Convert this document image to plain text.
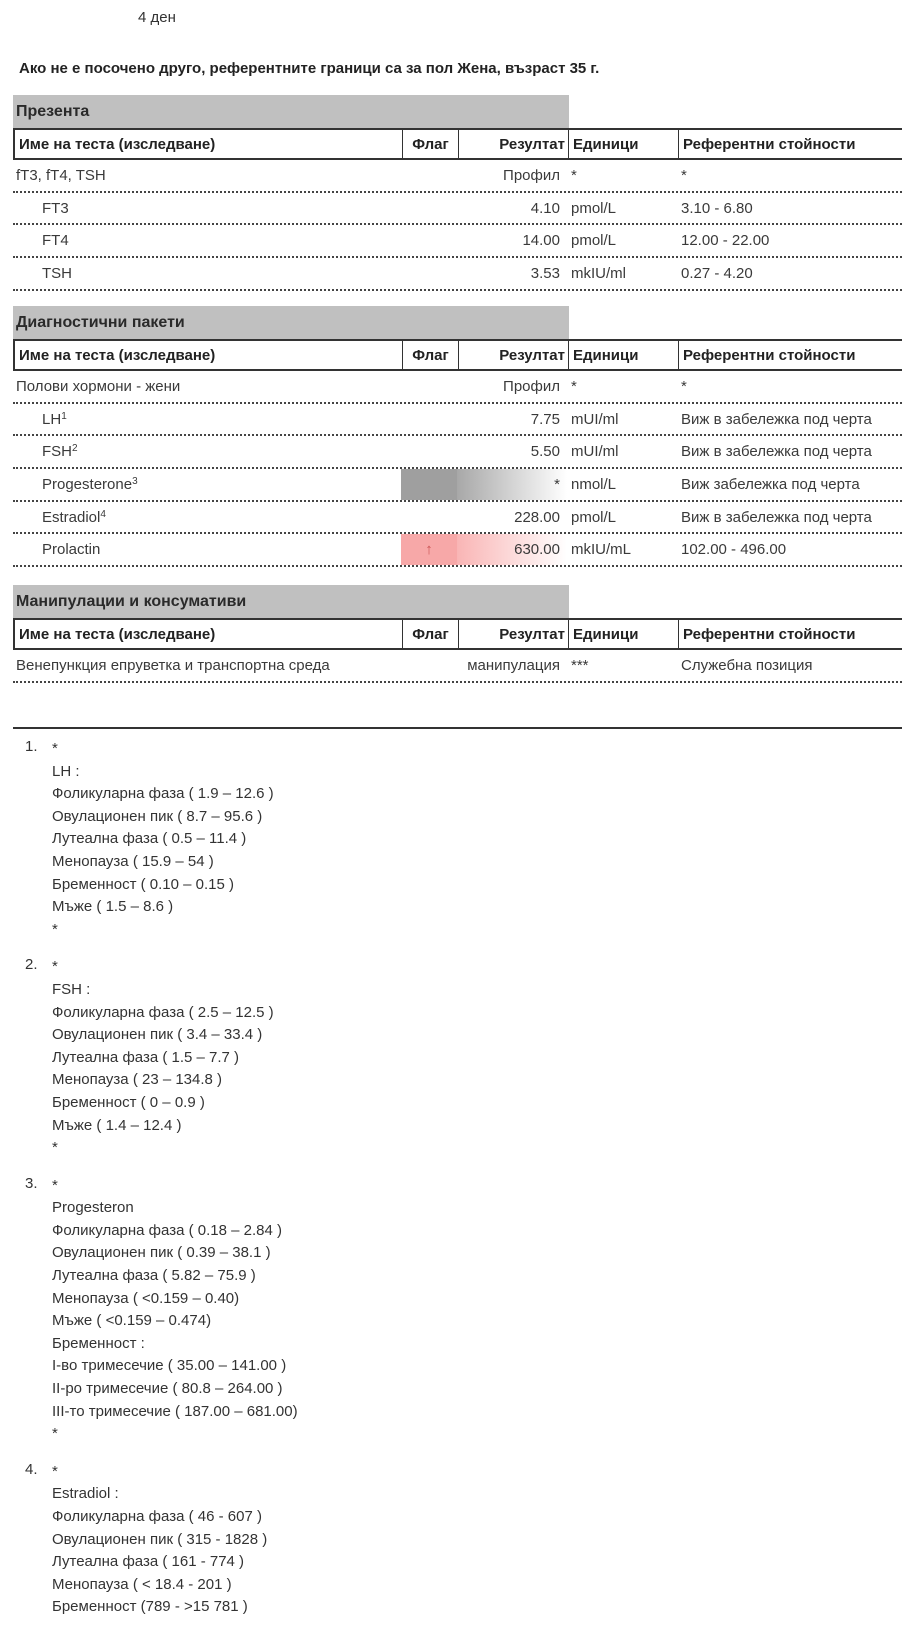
4 ден
Ако не е посочено друго, референтните граници са за пол Жена, възраст 35 г.
Презента
Име на теста (изследване)	Флаг	Резултат Единици	Референтни стойности
fT3, fT4, TSH	Профил *	*
FT3	4.10 pmol/L	3.10 - 6.80
FT4	14.00 pmol/L	12.00 - 22.00
TSH	3.53 mkIU/ml	0.27 - 4.20
Диагностични пакети
Име на теста (изследване)	Флаг	Резултат Единици	Референтни стойности
Полови хормони - жени	Профил *	*
$LH^1$	7.75 mUI/ml	Виж в забележка под черта
FSH$^2$	5.50 mUI/ml	Виж в забележка под черта
Progesterone$^3$	* nmol/L	Виж забележка под черта
Estradiol$^4$	228.00 pmol/L	Виж в забележка под черта
Prolactin	↑	630.00 mkIU/mL	102.00 - 496.00
Манипулации и консумативи
Име на теста (изследване)	Флаг	Резултат Единици	Референтни стойности
Венепункция епруветка и транспортна среда	манипулация ***	Служебна позиция
1. *
LH :
Фоликуларна фаза ( 1.9 – 12.6 )
Овулационен пик ( 8.7 – 95.6 )
Лутеална фаза ( 0.5 – 11.4 )
Менопауза ( 15.9 – 54 )
Бременност ( 0.10 – 0.15 )
Мъже ( 1.5 – 8.6 )
*
2. *
FSH :
Фоликуларна фаза ( 2.5 – 12.5 )
Овулационен пик ( 3.4 – 33.4 )
Лутеална фаза ( 1.5 – 7.7 )
Менопауза ( 23 – 134.8 )
Бременност ( 0 – 0.9 )
Мъже ( 1.4 – 12.4 )
*
3. *
Progesteron
Фоликуларна фаза ( 0.18 – 2.84 )
Овулационен пик ( 0.39 – 38.1 )
Лутеална фаза ( 5.82 – 75.9 )
Менопауза ( <0.159 – 0.40)
Мъже ( <0.159 – 0.474)
Бременност :
I-во тримесечие ( 35.00 – 141.00 )
II-ро тримесечие ( 80.8 – 264.00 )
III-то тримесечие ( 187.00 – 681.00)
*
4. *
Estradiol :
Фоликуларна фаза ( 46 - 607 )
Овулационен пик ( 315 - 1828 )
Лутеална фаза ( 161 - 774 )
Менопауза ( < 18.4 - 201 )
Бременност (789 - >15 781 )
